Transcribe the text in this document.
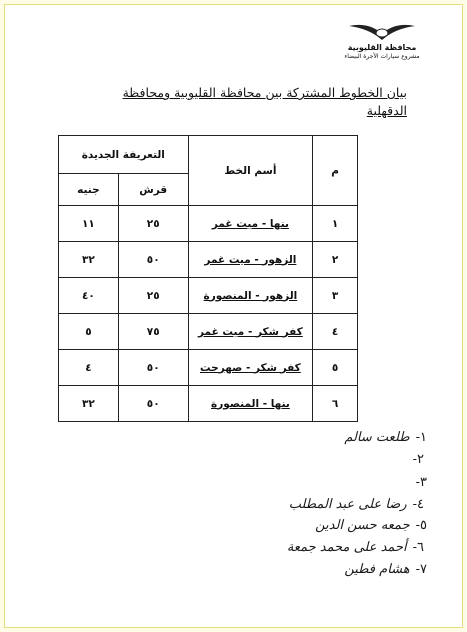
محافظة القليوبية
مشروع سيارات الأجرة البيضاء
بيان الخطوط المشتركة بين محافظة القليوبية ومحافظة الدقهلية
م	أسم الخط	التعريفة الجديدة	
		قرش	جنيه
١	بنها - ميت غمر	٢٥	١١
٢	الزهور - ميت غمر	٥٠	٣٢
٣	الزهور - المنصورة	٢٥	٤٠
٤	كفر شكر - ميت غمر	٧٥	٥
٥	كفر شكر - صهرجت	٥٠	٤
٦	بنها - المنصورة	٥٠	٣٢
١-طلعت سالم
٢-
٣-
٤-رضا على عبد المطلب
٥-جمعه حسن الدين
٦-أحمد على محمد جمعة
٧-هشام فطين
